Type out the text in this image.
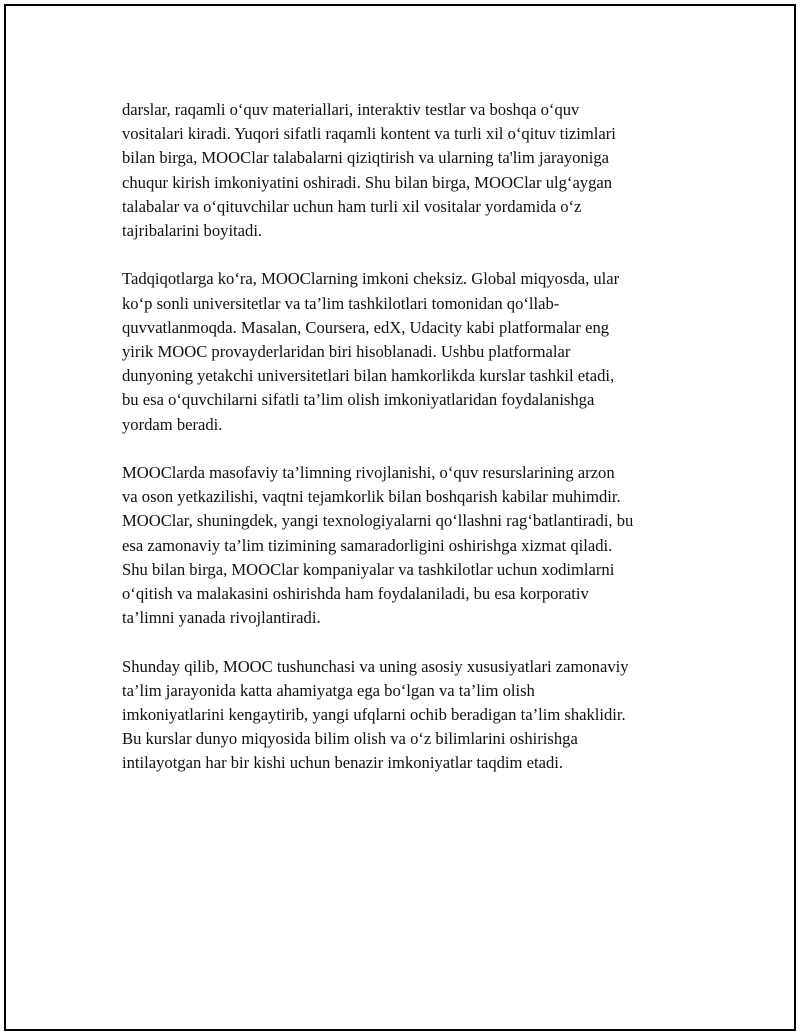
darslar, raqamli o‘quv materiallari, interaktiv testlar va boshqa o‘quv
vositalari kiradi. Yuqori sifatli raqamli kontent va turli xil o‘qituv tizimlari
bilan birga, MOOClar talabalarni qiziqtirish va ularning ta'lim jarayoniga
chuqur kirish imkoniyatini oshiradi. Shu bilan birga, MOOClar ulg‘aygan
talabalar va o‘qituvchilar uchun ham turli xil vositalar yordamida o‘z
tajribalarini boyitadi.

Tadqiqotlarga ko‘ra, MOOClarning imkoni cheksiz. Global miqyosda, ular
ko‘p sonli universitetlar va ta’lim tashkilotlari tomonidan qo‘llab-
quvvatlanmoqda. Masalan, Coursera, edX, Udacity kabi platformalar eng
yirik MOOC provayderlaridan biri hisoblanadi. Ushbu platformalar
dunyoning yetakchi universitetlari bilan hamkorlikda kurslar tashkil etadi,
bu esa o‘quvchilarni sifatli ta’lim olish imkoniyatlaridan foydalanishga
yordam beradi.

MOOClarda masofaviy ta’limning rivojlanishi, o‘quv resurslarining arzon
va oson yetkazilishi, vaqtni tejamkorlik bilan boshqarish kabilar muhimdir.
MOOClar, shuningdek, yangi texnologiyalarni qo‘llashni rag‘batlantiradi, bu
esa zamonaviy ta’lim tizimining samaradorligini oshirishga xizmat qiladi.
Shu bilan birga, MOOClar kompaniyalar va tashkilotlar uchun xodimlarni
o‘qitish va malakasini oshirishda ham foydalaniladi, bu esa korporativ
ta’limni yanada rivojlantiradi.

Shunday qilib, MOOC tushunchasi va uning asosiy xususiyatlari zamonaviy
ta’lim jarayonida katta ahamiyatga ega bo‘lgan va ta’lim olish
imkoniyatlarini kengaytirib, yangi ufqlarni ochib beradigan ta’lim shaklidir.
Bu kurslar dunyo miqyosida bilim olish va o‘z bilimlarini oshirishga
intilayotgan har bir kishi uchun benazir imkoniyatlar taqdim etadi.
